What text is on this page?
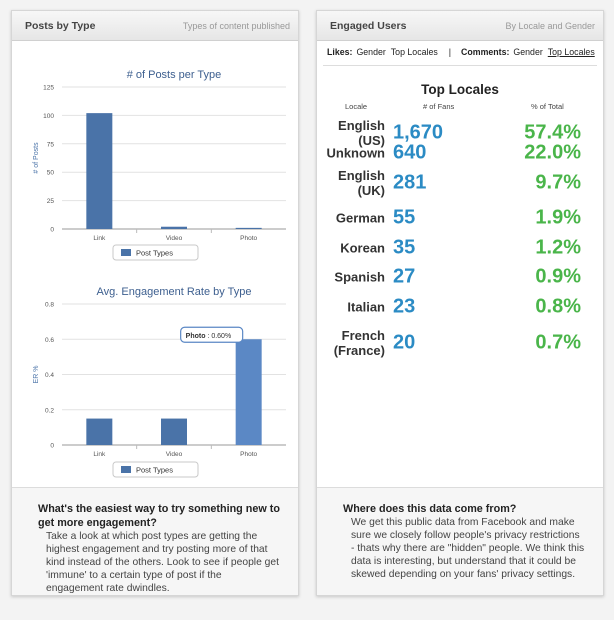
Posts by Type	Types of content published
# of Posts per Type
# of Posts
0
25
50
75
100
125
Link	Video	Photo
Post Types
Avg. Engagement Rate by Type
ER %
0
0.2
0.4
0.6
0.8
Link	Video	Photo
Post Types
Photo : 0.60%
What's the easiest way to try something new to get more engagement?
Take a look at which post types are getting the highest engagement and try posting more of that kind instead of the others. Look to see if people get 'immune' to a certain type of post if the engagement rate dwindles.
Engaged Users	By Locale and Gender
Likes: Gender Top Locales | Comments: Gender Top Locales
Top Locales
Locale	# of Fans	% of Total
English (US) 1,670	57.4%
Unknown 640	22.0%
English (UK) 281	9.7%
German 55	1.9%
Korean 35	1.2%
Spanish 27	0.9%
Italian 23	0.8%
French (France) 20	0.7%
Where does this data come from?
We get this public data from Facebook and make sure we closely follow people's privacy restrictions - thats why there are "hidden" people. We think this data is interesting, but understand that it could be skewed depending on your fans' privacy settings.
